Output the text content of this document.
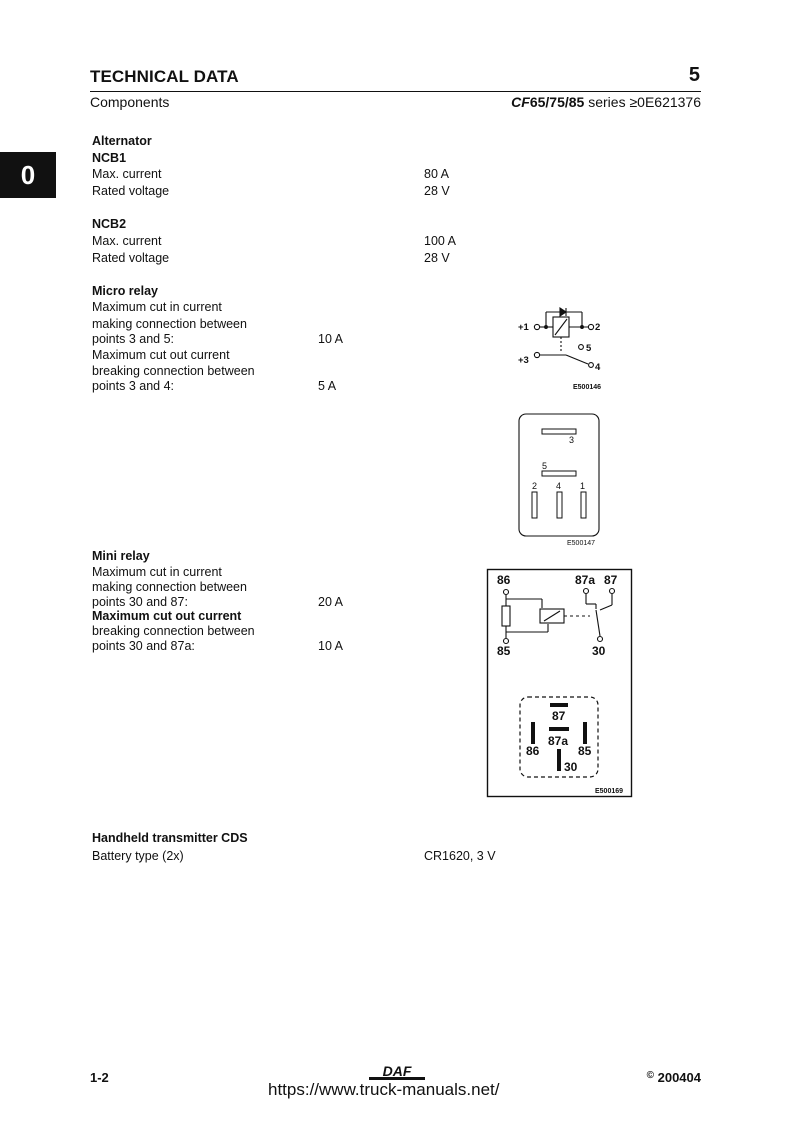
TECHNICAL DATA	5
Components	CF65/75/85 series ≥0E621376
0
Alternator
NCB1
Max. current	80 A
Rated voltage	28 V
NCB2
Max. current	100 A
Rated voltage	28 V
Micro relay
Maximum cut in current
making connection between
points 3 and 5:	10 A
Maximum cut out current
breaking connection between
points 3 and 4:	5 A
+1	2
5
+3
4
E500146
3
5
2 4 1
E500147
Mini relay
Maximum cut in current
making connection between
points 30 and 87:	20 A
Maximum cut out current
breaking connection between
points 30 and 87a:	10 A
86	87a 87
85	30
87
87a
86	85
30
E500169
Handheld transmitter CDS
Battery type (2x)	CR1620, 3 V
1-2	DAF	© 200404
https://www.truck-manuals.net/
